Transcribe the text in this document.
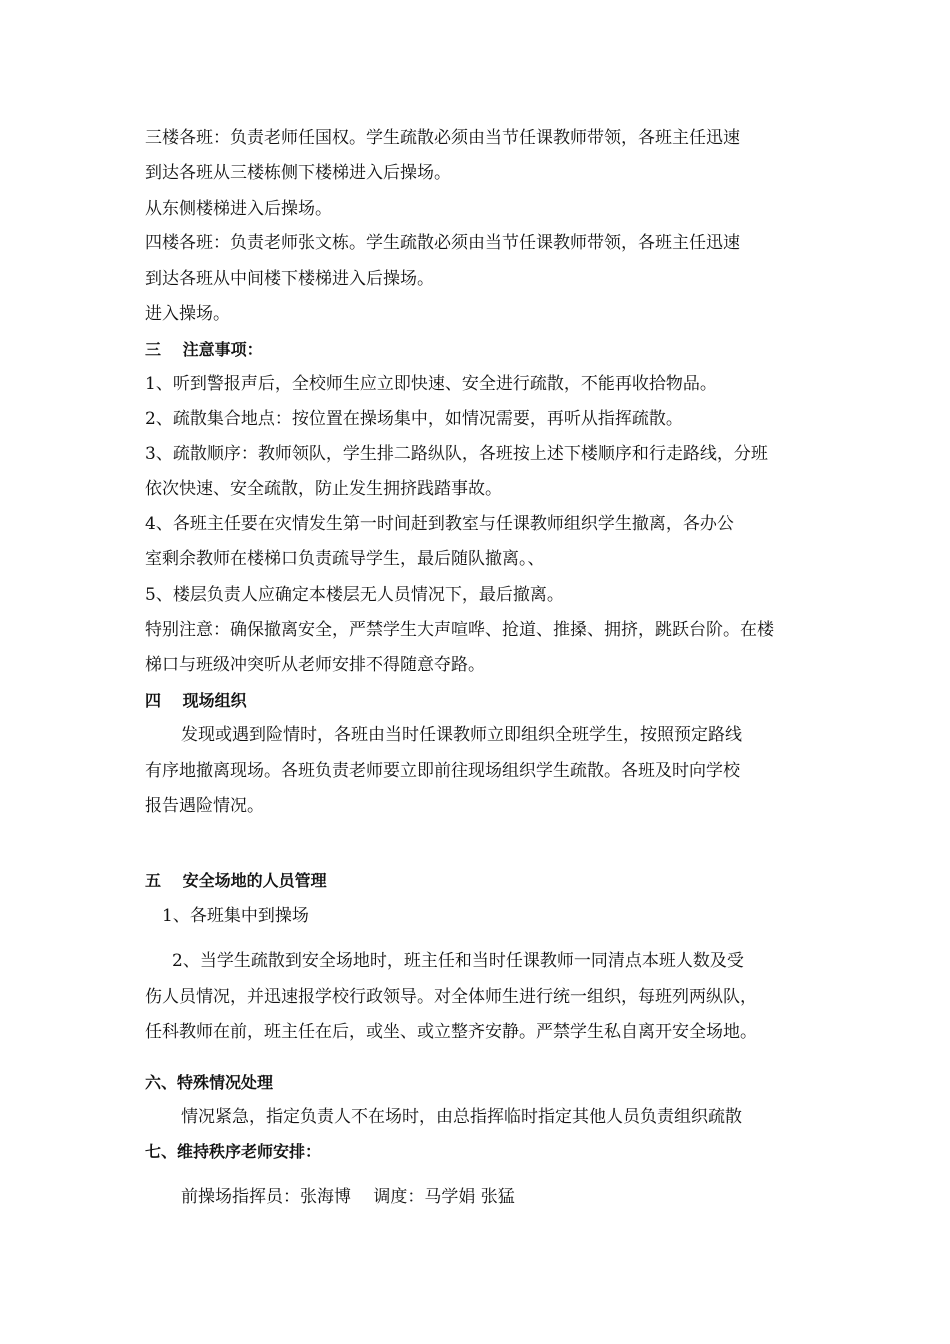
三楼各班：负责老师任国权。学生疏散必须由当节任课教师带领，各班主任迅速
到达各班从三楼栋侧下楼梯进入后操场。
从东侧楼梯进入后操场。
四楼各班：负责老师张文栋。学生疏散必须由当节任课教师带领，各班主任迅速
到达各班从中间楼下楼梯进入后操场。
进入操场。
三　 注意事项：
1、听到警报声后，全校师生应立即快速、安全进行疏散，不能再收拾物品。
2、疏散集合地点：按位置在操场集中，如情况需要，再听从指挥疏散。
3、疏散顺序：教师领队，学生排二路纵队，各班按上述下楼顺序和行走路线，分班
依次快速、安全疏散，防止发生拥挤践踏事故。
4、各班主任要在灾情发生第一时间赶到教室与任课教师组织学生撤离，各办公
室剩余教师在楼梯口负责疏导学生，最后随队撤离。、
5、楼层负责人应确定本楼层无人员情况下，最后撤离。
特别注意：确保撤离安全，严禁学生大声喧哗、抢道、推搡、拥挤，跳跃台阶。在楼
梯口与班级冲突听从老师安排不得随意夺路。
四　 现场组织
发现或遇到险情时，各班由当时任课教师立即组织全班学生，按照预定路线
有序地撤离现场。各班负责老师要立即前往现场组织学生疏散。各班及时向学校
报告遇险情况。
五　 安全场地的人员管理
1、各班集中到操场
2、当学生疏散到安全场地时，班主任和当时任课教师一同清点本班人数及受
伤人员情况，并迅速报学校行政领导。对全体师生进行统一组织，每班列两纵队，
任科教师在前，班主任在后，或坐、或立整齐安静。严禁学生私自离开安全场地。
六、特殊情况处理
情况紧急，指定负责人不在场时，由总指挥临时指定其他人员负责组织疏散
七、维持秩序老师安排：
前操场指挥员：张海博　 调度：马学娟 张猛
